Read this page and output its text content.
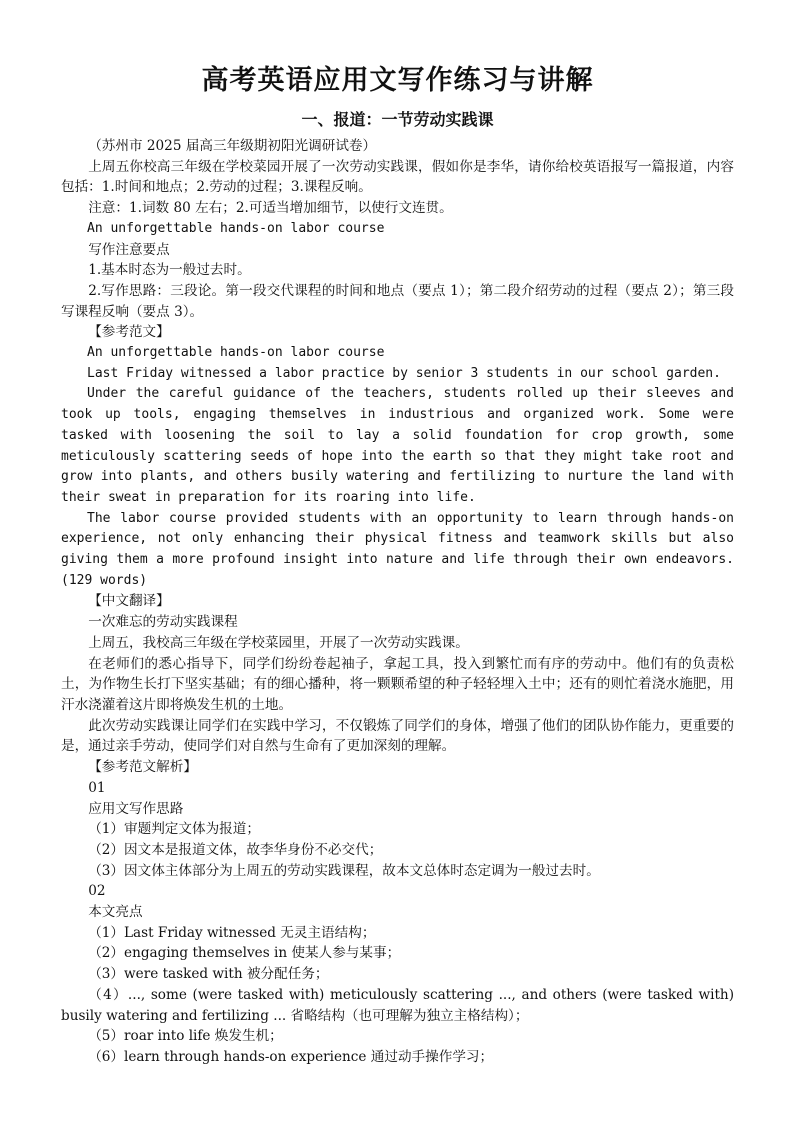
高考英语应用文写作练习与讲解
一、报道：一节劳动实践课

（苏州市 2025 届高三年级期初阳光调研试卷）

上周五你校高三年级在学校菜园开展了一次劳动实践课，假如你是李华，请你给校英语报写一篇报道，内容包括：1.时间和地点；2.劳动的过程；3.课程反响。

注意：1.词数 80 左右；2.可适当增加细节，以使行文连贯。

An unforgettable hands-on labor course

写作注意要点

1.基本时态为一般过去时。

2.写作思路：三段论。第一段交代课程的时间和地点（要点 1）；第二段介绍劳动的过程（要点 2）；第三段写课程反响（要点 3）。

【参考范文】

An unforgettable hands-on labor course

Last Friday witnessed a labor practice by senior 3 students in our school garden.

Under the careful guidance of the teachers, students rolled up their sleeves and took up tools, engaging themselves in industrious and organized work. Some were tasked with loosening the soil to lay a solid foundation for crop growth, some meticulously scattering seeds of hope into the earth so that they might take root and grow into plants, and others busily watering and fertilizing to nurture the land with their sweat in preparation for its roaring into life.

The labor course provided students with an opportunity to learn through hands-on experience, not only enhancing their physical fitness and teamwork skills but also giving them a more profound insight into nature and life through their own endeavors. (129 words)

【中文翻译】

一次难忘的劳动实践课程

上周五，我校高三年级在学校菜园里，开展了一次劳动实践课。

在老师们的悉心指导下，同学们纷纷卷起袖子，拿起工具，投入到繁忙而有序的劳动中。他们有的负责松土，为作物生长打下坚实基础；有的细心播种，将一颗颗希望的种子轻轻埋入土中；还有的则忙着浇水施肥，用汗水浇灌着这片即将焕发生机的土地。

此次劳动实践课让同学们在实践中学习，不仅锻炼了同学们的身体，增强了他们的团队协作能力，更重要的是，通过亲手劳动，使同学们对自然与生命有了更加深刻的理解。

【参考范文解析】

01

应用文写作思路

（1）审题判定文体为报道；

（2）因文本是报道文体，故李华身份不必交代；

（3）因文体主体部分为上周五的劳动实践课程，故本文总体时态定调为一般过去时。

02

本文亮点

（1）Last Friday witnessed 无灵主语结构；

（2）engaging themselves in 使某人参与某事；

（3）were tasked with 被分配任务；

（4）..., some (were tasked with) meticulously scattering ..., and others (were tasked with) busily watering and fertilizing ... 省略结构（也可理解为独立主格结构）；

（5）roar into life 焕发生机；

（6）learn through hands-on experience 通过动手操作学习；
